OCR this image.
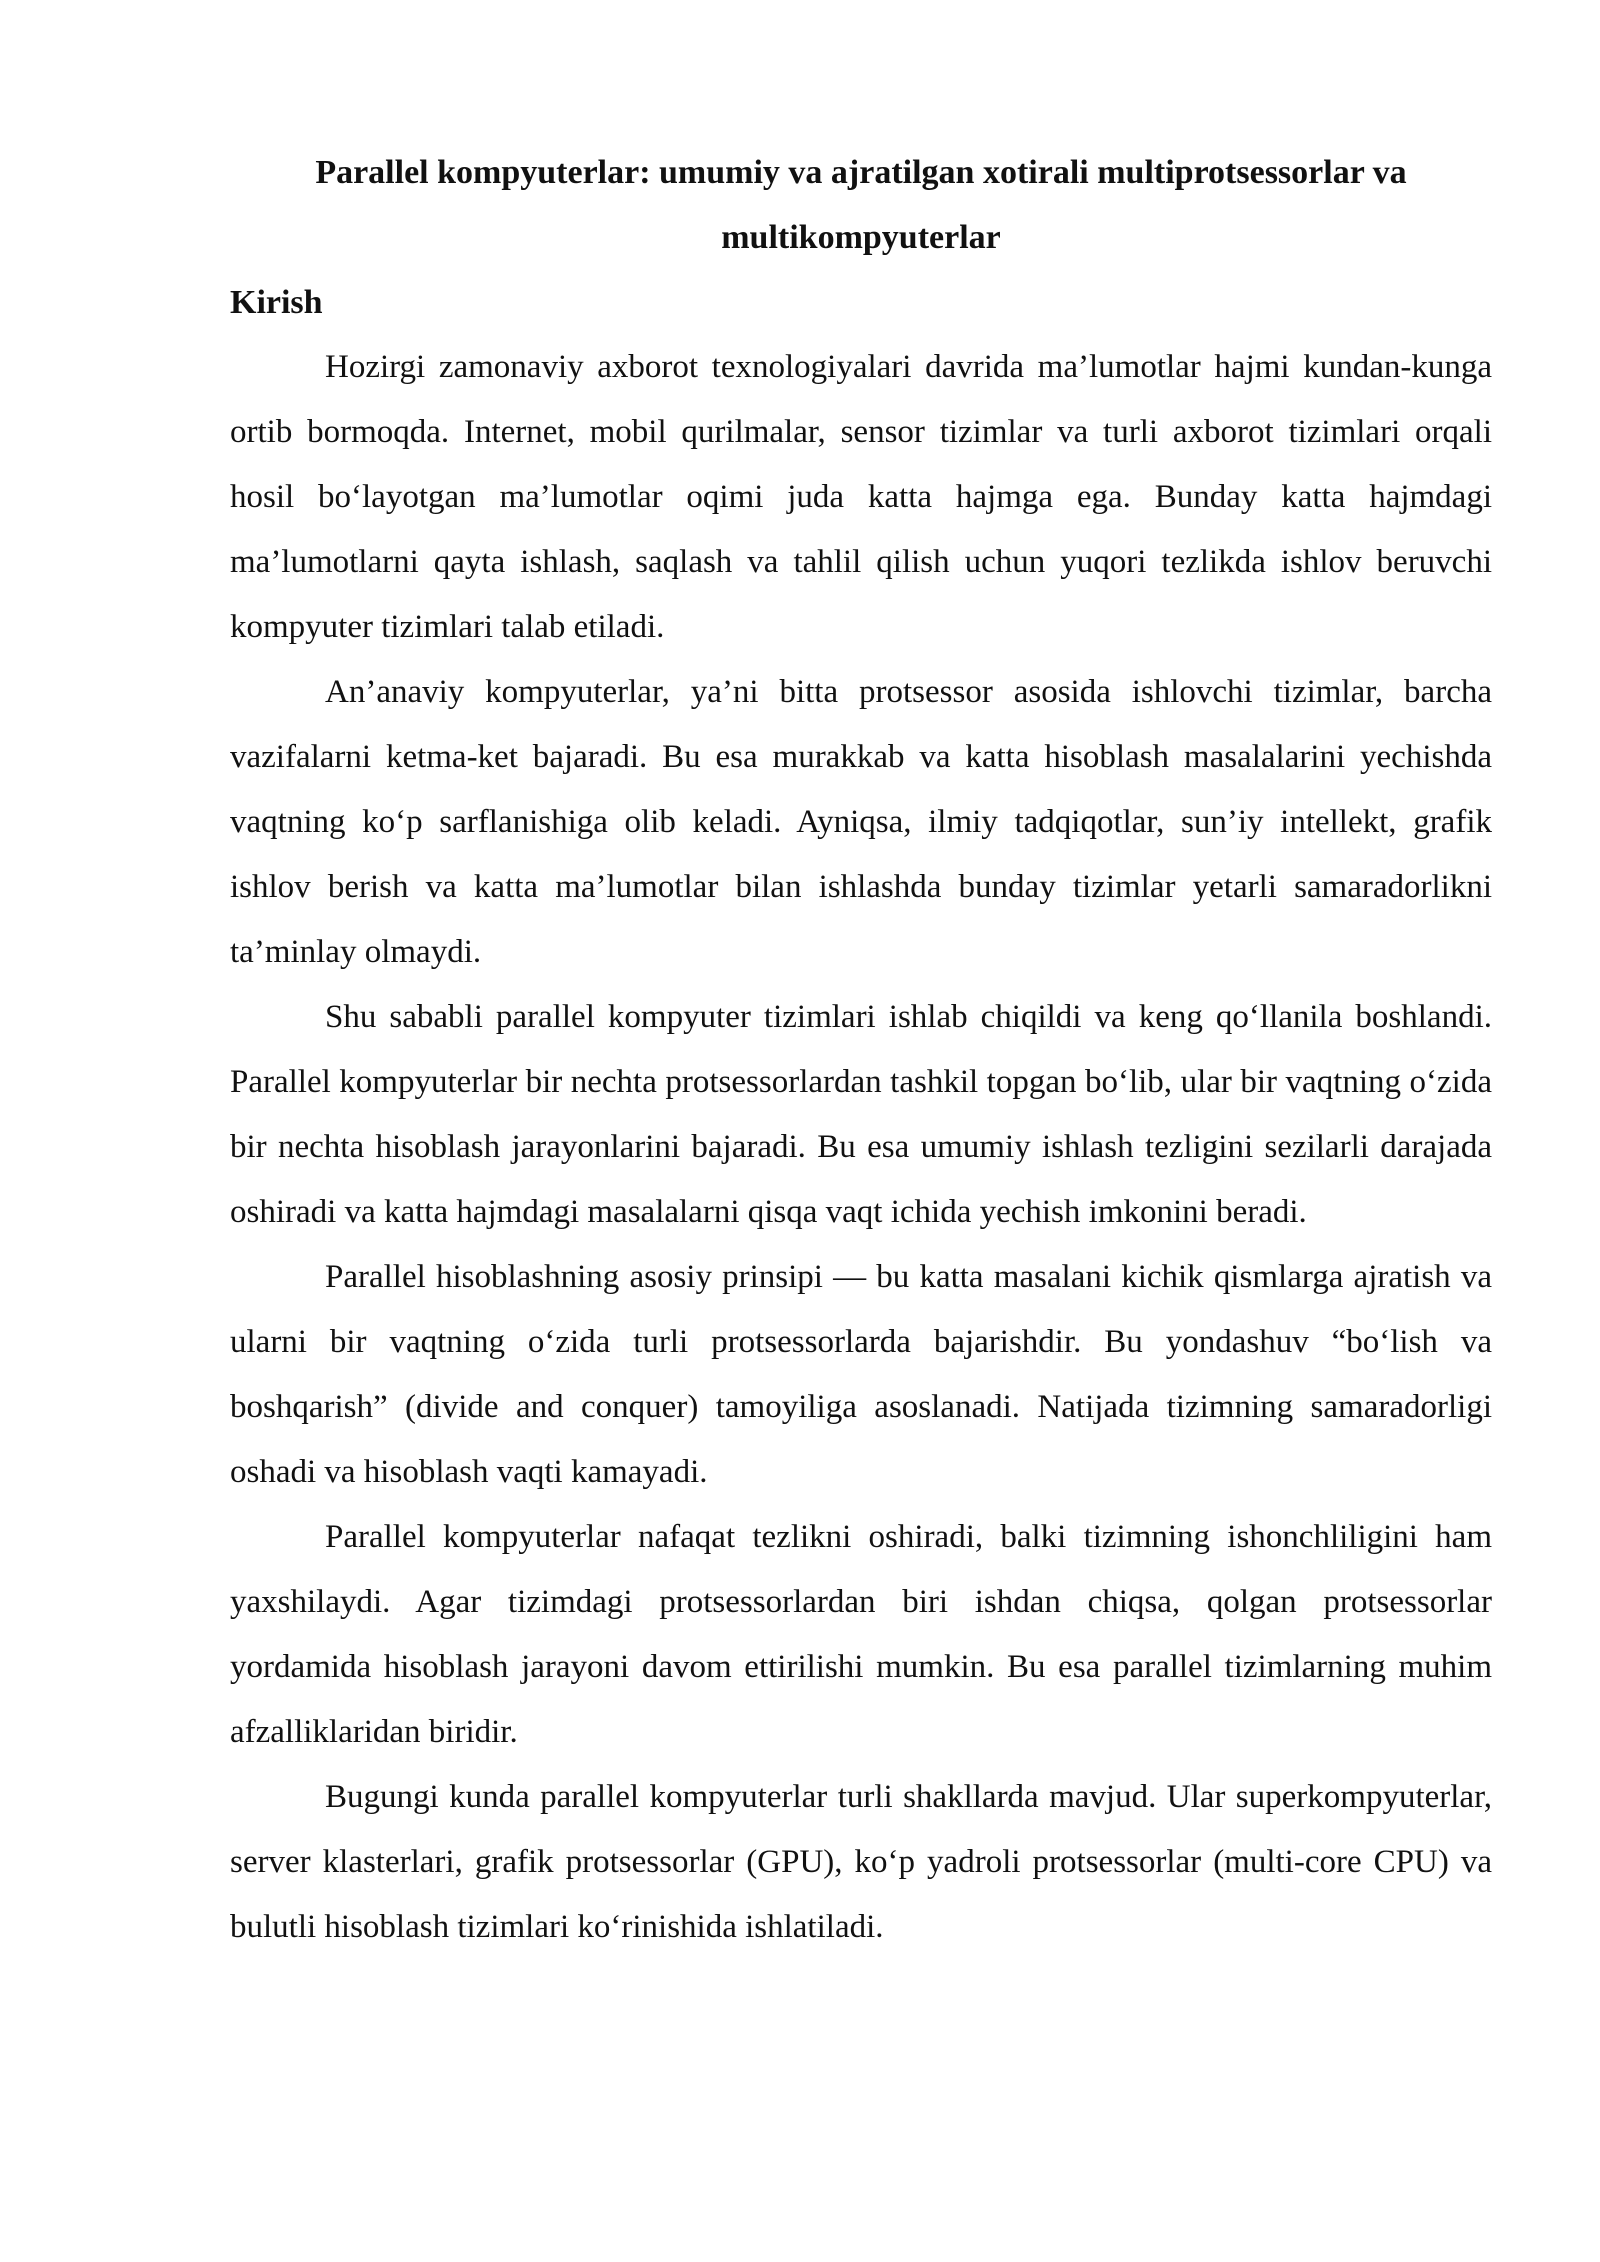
Parallel kompyuterlar: umumiy va ajratilgan xotirali multiprotsessorlar va multikompyuterlar
Kirish

Hozirgi zamonaviy axborot texnologiyalari davrida ma’lumotlar hajmi kundan-kunga ortib bormoqda. Internet, mobil qurilmalar, sensor tizimlar va turli axborot tizimlari orqali hosil bo‘layotgan ma’lumotlar oqimi juda katta hajmga ega. Bunday katta hajmdagi ma’lumotlarni qayta ishlash, saqlash va tahlil qilish uchun yuqori tezlikda ishlov beruvchi kompyuter tizimlari talab etiladi.

An’anaviy kompyuterlar, ya’ni bitta protsessor asosida ishlovchi tizimlar, barcha vazifalarni ketma-ket bajaradi. Bu esa murakkab va katta hisoblash masalalarini yechishda vaqtning ko‘p sarflanishiga olib keladi. Ayniqsa, ilmiy tadqiqotlar, sun’iy intellekt, grafik ishlov berish va katta ma’lumotlar bilan ishlashda bunday tizimlar yetarli samaradorlikni ta’minlay olmaydi.

Shu sababli parallel kompyuter tizimlari ishlab chiqildi va keng qo‘llanila boshlandi. Parallel kompyuterlar bir nechta protsessorlardan tashkil topgan bo‘lib, ular bir vaqtning o‘zida bir nechta hisoblash jarayonlarini bajaradi. Bu esa umumiy ishlash tezligini sezilarli darajada oshiradi va katta hajmdagi masalalarni qisqa vaqt ichida yechish imkonini beradi.

Parallel hisoblashning asosiy prinsipi — bu katta masalani kichik qismlarga ajratish va ularni bir vaqtning o‘zida turli protsessorlarda bajarishdir. Bu yondashuv “bo‘lish va boshqarish” (divide and conquer) tamoyiliga asoslanadi. Natijada tizimning samaradorligi oshadi va hisoblash vaqti kamayadi.

Parallel kompyuterlar nafaqat tezlikni oshiradi, balki tizimning ishonchliligini ham yaxshilaydi. Agar tizimdagi protsessorlardan biri ishdan chiqsa, qolgan protsessorlar yordamida hisoblash jarayoni davom ettirilishi mumkin. Bu esa parallel tizimlarning muhim afzalliklaridan biridir.

Bugungi kunda parallel kompyuterlar turli shakllarda mavjud. Ular superkompyuterlar, server klasterlari, grafik protsessorlar (GPU), ko‘p yadroli protsessorlar (multi-core CPU) va bulutli hisoblash tizimlari ko‘rinishida ishlatiladi.
